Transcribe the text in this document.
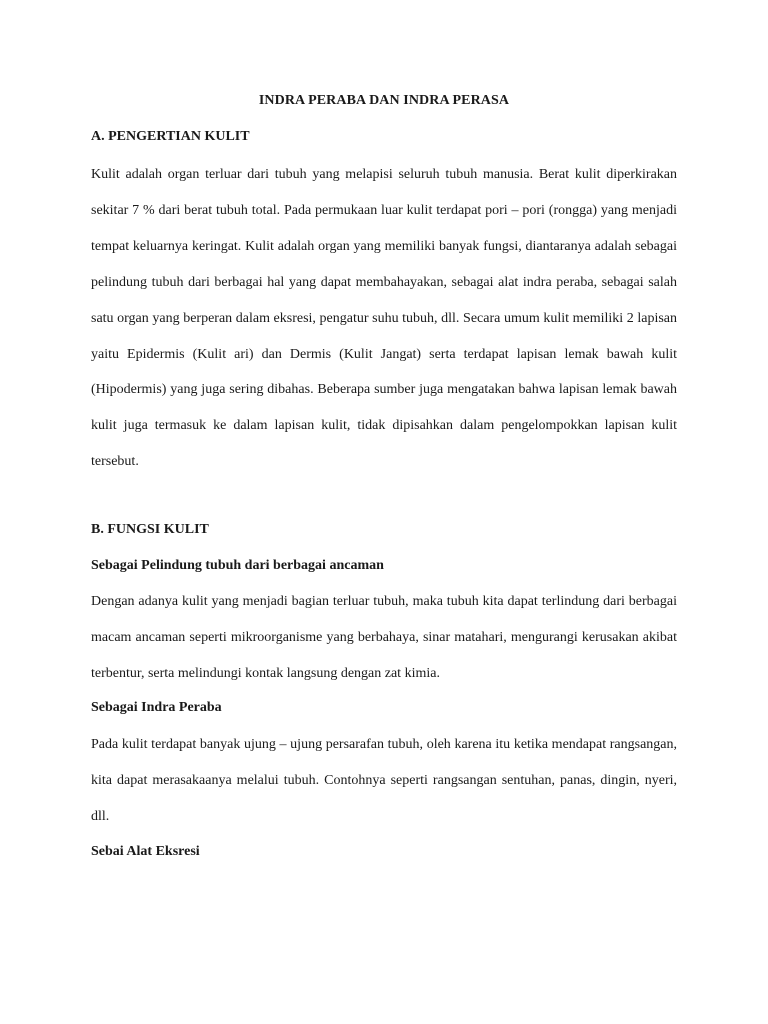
INDRA PERABA DAN INDRA PERASA
A. PENGERTIAN KULIT

Kulit adalah organ terluar dari tubuh yang melapisi seluruh tubuh manusia. Berat kulit diperkirakan sekitar 7 % dari berat tubuh total. Pada permukaan luar kulit terdapat pori – pori (rongga) yang menjadi tempat keluarnya keringat. Kulit adalah organ yang memiliki banyak fungsi, diantaranya adalah sebagai pelindung tubuh dari berbagai hal yang dapat membahayakan, sebagai alat indra peraba, sebagai salah satu organ yang berperan dalam eksresi, pengatur suhu tubuh, dll. Secara umum kulit memiliki 2 lapisan yaitu Epidermis (Kulit ari) dan Dermis (Kulit Jangat) serta terdapat lapisan lemak bawah kulit (Hipodermis) yang juga sering dibahas. Beberapa sumber juga mengatakan bahwa lapisan lemak bawah kulit juga termasuk ke dalam lapisan kulit, tidak dipisahkan dalam pengelompokkan lapisan kulit tersebut.

B. FUNGSI KULIT
Sebagai Pelindung tubuh dari berbagai ancaman

Dengan adanya kulit yang menjadi bagian terluar tubuh, maka tubuh kita dapat terlindung dari berbagai macam ancaman seperti mikroorganisme yang berbahaya, sinar matahari, mengurangi kerusakan akibat terbentur, serta melindungi kontak langsung dengan zat kimia.

Sebagai Indra Peraba

Pada kulit terdapat banyak ujung – ujung persarafan tubuh, oleh karena itu ketika mendapat rangsangan, kita dapat merasakaanya melalui tubuh. Contohnya seperti rangsangan sentuhan, panas, dingin, nyeri, dll.

Sebai Alat Eksresi
